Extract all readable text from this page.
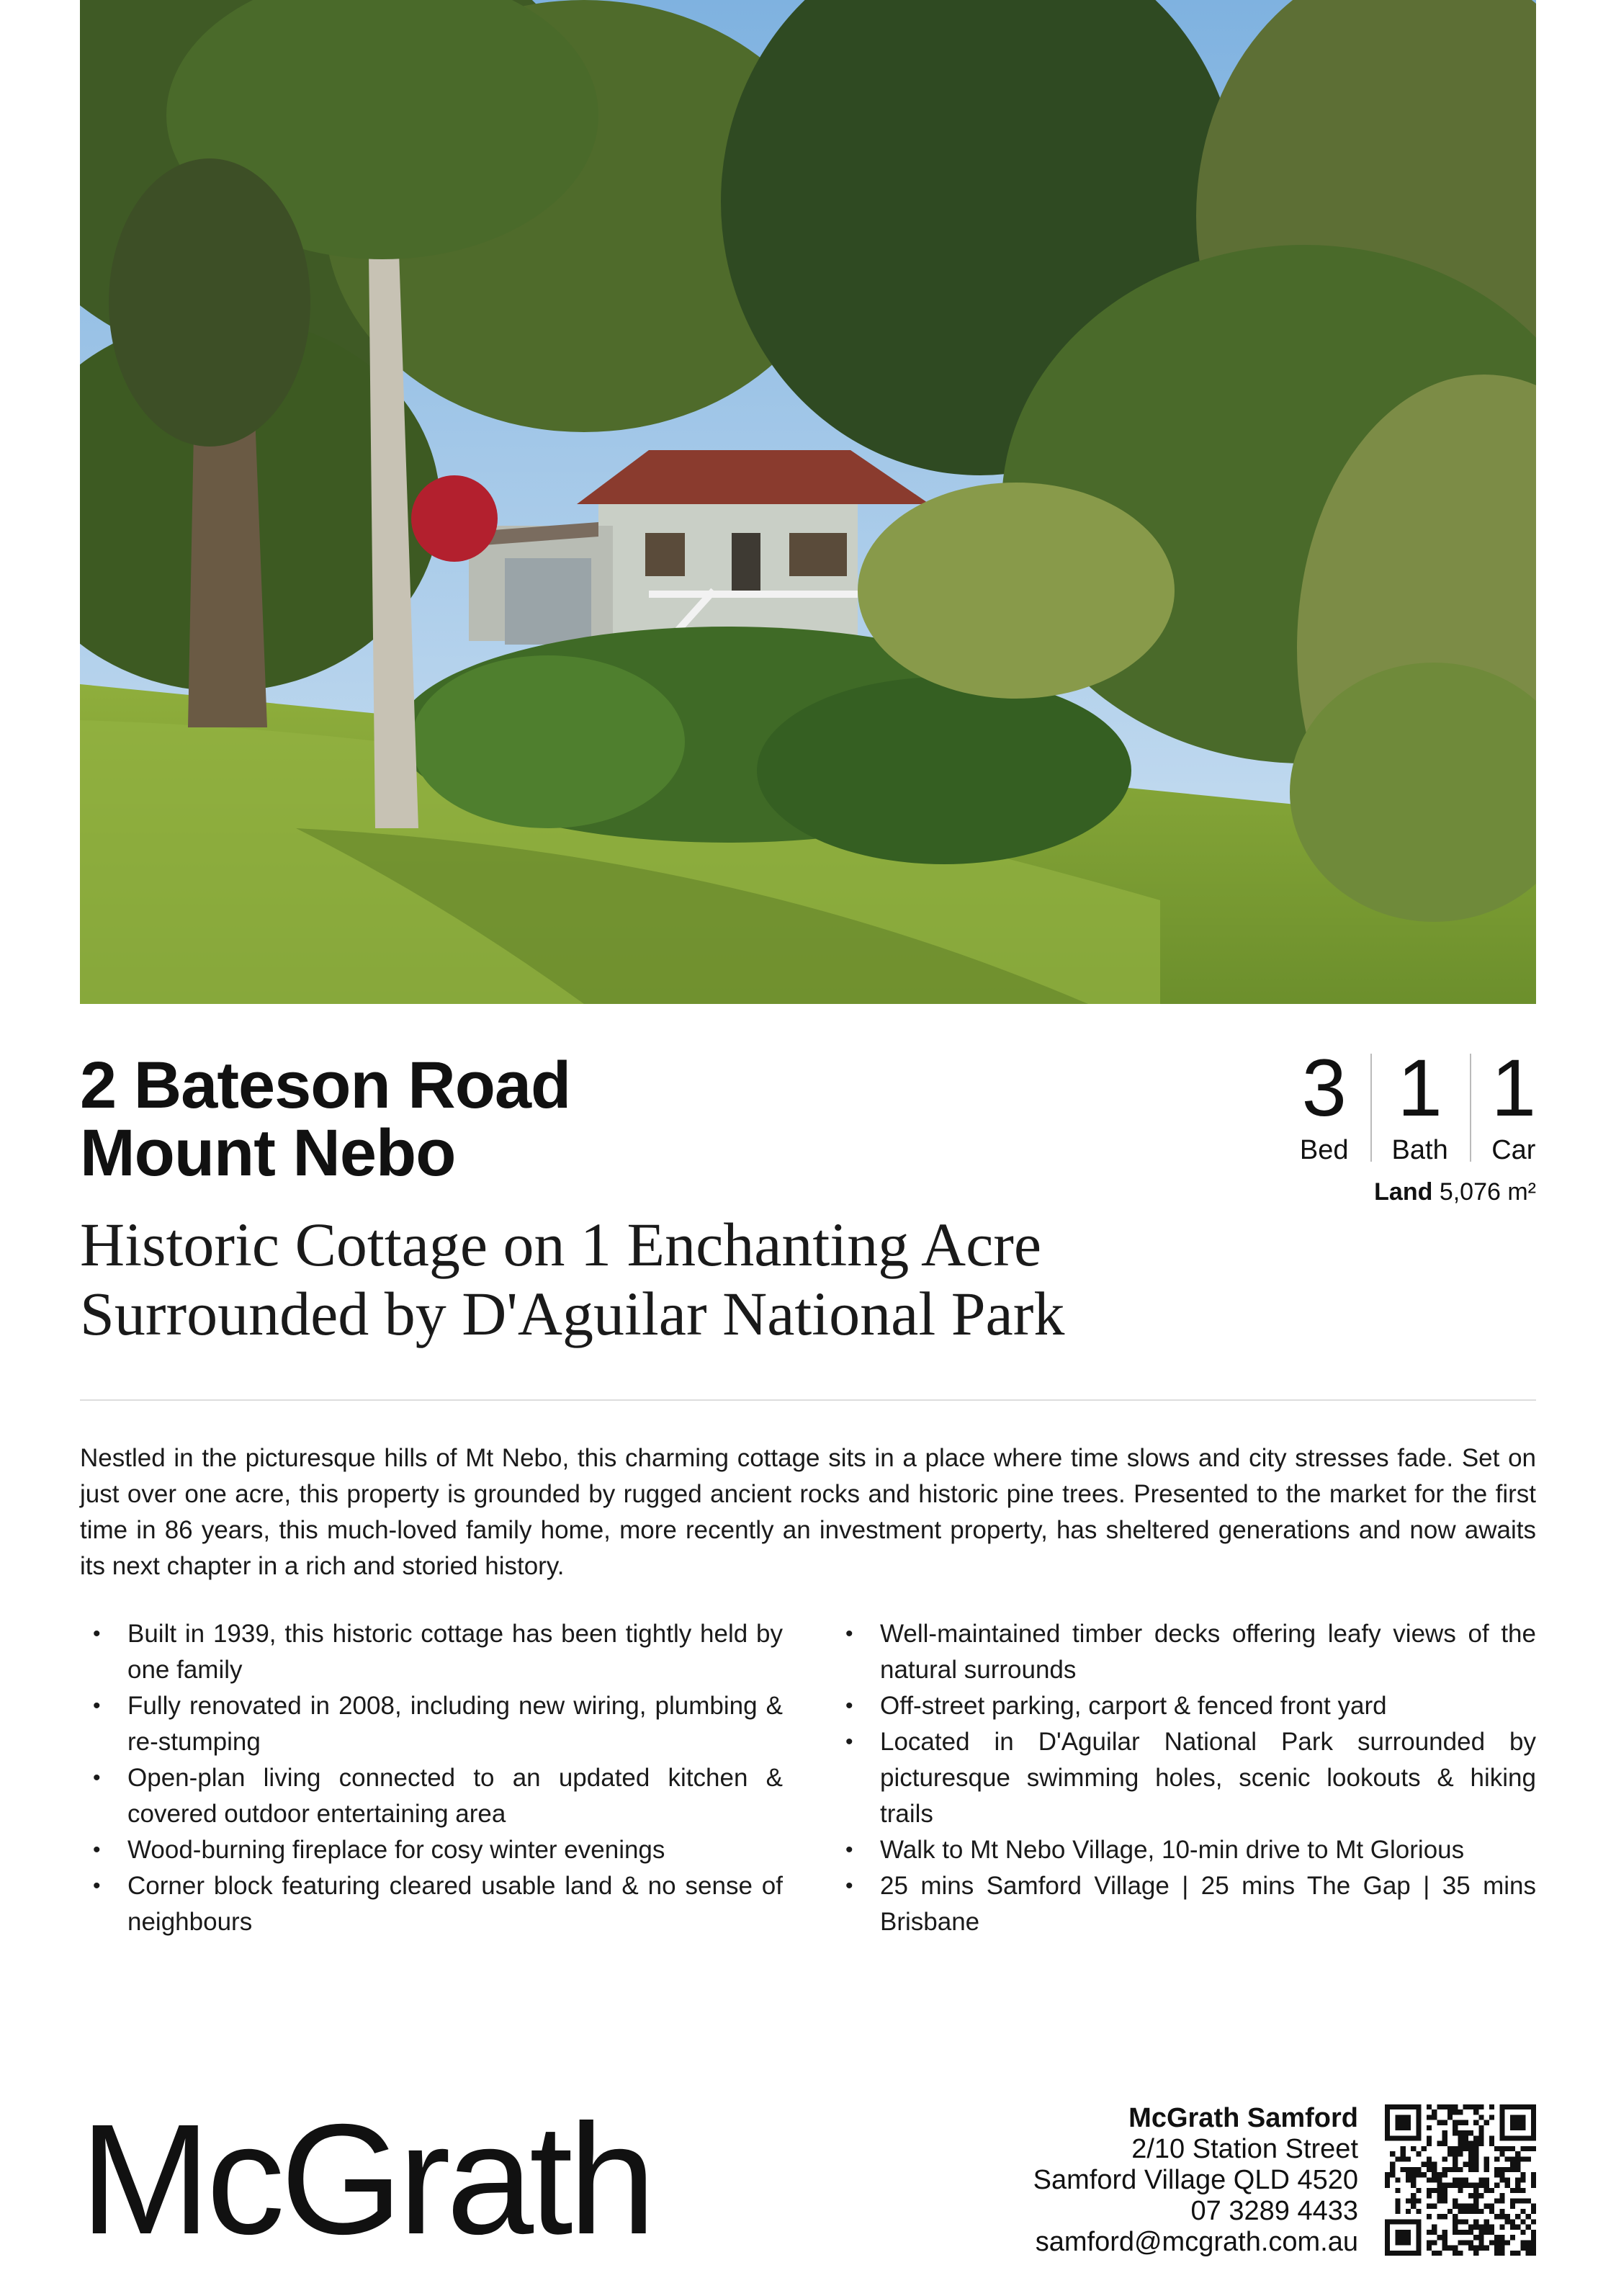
2 Bateson Road
Mount Nebo
Historic Cottage on 1 Enchanting Acre
Surrounded by D'Aguilar National Park
3
Bed
1
Bath
1
Car
Land 5,076 m²
Nestled in the picturesque hills of Mt Nebo, this charming cottage sits in a place where time slows and city stresses fade. Set on just over one acre, this property is grounded by rugged ancient rocks and historic pine trees. Presented to the market for the first time in 86 years, this much-loved family home, more recently an investment property, has sheltered generations and now awaits its next chapter in a rich and storied history.
• Built in 1939, this historic cottage has been tightly held by one family
• Fully renovated in 2008, including new wiring, plumbing & re-stumping
• Open-plan living connected to an updated kitchen & covered outdoor entertaining area
• Wood-burning fireplace for cosy winter evenings
• Corner block featuring cleared usable land & no sense of neighbours
• Well-maintained timber decks offering leafy views of the natural surrounds
• Off-street parking, carport & fenced front yard
• Located in D'Aguilar National Park surrounded by picturesque swimming holes, scenic lookouts & hiking trails
• Walk to Mt Nebo Village, 10-min drive to Mt Glorious
• 25 mins Samford Village | 25 mins The Gap | 35 mins Brisbane
McGrath	McGrath Samford
2/10 Station Street
Samford Village QLD 4520
07 3289 4433
samford@mcgrath.com.au
